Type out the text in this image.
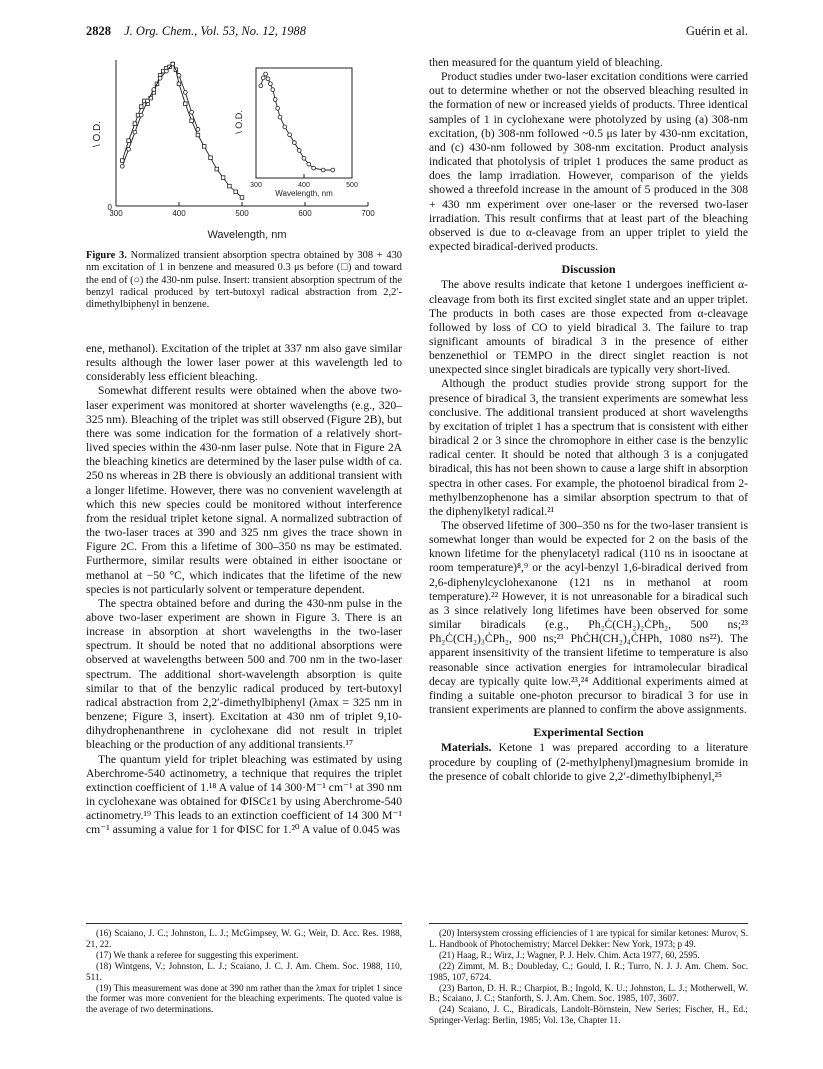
2828 J. Org. Chem., Vol. 53, No. 12, 1988	Guérin et al.
300	400	500	600	700
0
Wavelength, nm
\ O.D.
300	400	500
Wavelength, nm
\ O.D.
Figure 3. Normalized transient absorption spectra obtained by 308 + 430 nm excitation of 1 in benzene and measured 0.3 μs before (□) and toward the end of (○) the 430-nm pulse. Insert: transient absorption spectrum of the benzyl radical produced by tert-butoxyl radical abstraction from 2,2′-dimethylbiphenyl in benzene.

ene, methanol). Excitation of the triplet at 337 nm also gave similar results although the lower laser power at this wavelength led to considerably less efficient bleaching.

Somewhat different results were obtained when the above two-laser experiment was monitored at shorter wavelengths (e.g., 320–325 nm). Bleaching of the triplet was still observed (Figure 2B), but there was some indication for the formation of a relatively short-lived species within the 430-nm laser pulse. Note that in Figure 2A the bleaching kinetics are determined by the laser pulse width of ca. 250 ns whereas in 2B there is obviously an additional transient with a longer lifetime. However, there was no convenient wavelength at which this new species could be monitored without interference from the residual triplet ketone signal. A normalized subtraction of the two-laser traces at 390 and 325 nm gives the trace shown in Figure 2C. From this a lifetime of 300–350 ns may be estimated. Furthermore, similar results were obtained in either isooctane or methanol at −50 °C, which indicates that the lifetime of the new species is not particularly solvent or temperature dependent.

The spectra obtained before and during the 430-nm pulse in the above two-laser experiment are shown in Figure 3. There is an increase in absorption at short wavelengths in the two-laser spectrum. It should be noted that no additional absorptions were observed at wavelengths between 500 and 700 nm in the two-laser spectrum. The additional short-wavelength absorption is quite similar to that of the benzylic radical produced by tert-butoxyl radical abstraction from 2,2′-dimethylbiphenyl (λmax = 325 nm in benzene; Figure 3, insert). Excitation at 430 nm of triplet 9,10-dihydrophenanthrene in cyclohexane did not result in triplet bleaching or the production of any additional transients.¹⁷

The quantum yield for triplet bleaching was estimated by using Aberchrome-540 actinometry, a technique that requires the triplet extinction coefficient of 1.¹⁸ A value of 14 300·M⁻¹ cm⁻¹ at 390 nm in cyclohexane was obtained for ΦISCε1 by using Aberchrome-540 actinometry.¹⁹ This leads to an extinction coefficient of 14 300 M⁻¹ cm⁻¹ assuming a value for 1 for ΦISC for 1.²⁰ A value of 0.045 was

then measured for the quantum yield of bleaching.

Product studies under two-laser excitation conditions were carried out to determine whether or not the observed bleaching resulted in the formation of new or increased yields of products. Three identical samples of 1 in cyclohexane were photolyzed by using (a) 308-nm excitation, (b) 308-nm followed ~0.5 μs later by 430-nm excitation, and (c) 430-nm followed by 308-nm excitation. Product analysis indicated that photolysis of triplet 1 produces the same product as does the lamp irradiation. However, comparison of the yields showed a threefold increase in the amount of 5 produced in the 308 + 430 nm experiment over one-laser or the reversed two-laser irradiation. This result confirms that at least part of the bleaching observed is due to α-cleavage from an upper triplet to yield the expected biradical-derived products.

Discussion

The above results indicate that ketone 1 undergoes inefficient α-cleavage from both its first excited singlet state and an upper triplet. The products in both cases are those expected from α-cleavage followed by loss of CO to yield biradical 3. The failure to trap significant amounts of biradical 3 in the presence of either benzenethiol or TEMPO in the direct singlet reaction is not unexpected since singlet biradicals are typically very short-lived.

Although the product studies provide strong support for the presence of biradical 3, the transient experiments are somewhat less conclusive. The additional transient produced at short wavelengths by excitation of triplet 1 has a spectrum that is consistent with either biradical 2 or 3 since the chromophore in either case is the benzylic radical center. It should be noted that although 3 is a conjugated biradical, this has not been shown to cause a large shift in absorption spectra in other cases. For example, the photoenol biradical from 2-methylbenzophenone has a similar absorption spectrum to that of the diphenylketyl radical.²¹

The observed lifetime of 300–350 ns for the two-laser transient is somewhat longer than would be expected for 2 on the basis of the known lifetime for the phenylacetyl radical (110 ns in isooctane at room temperature)⁸,⁹ or the acyl-benzyl 1,6-biradical derived from 2,6-diphenylcyclohexanone (121 ns in methanol at room temperature).²² However, it is not unreasonable for a biradical such as 3 since relatively long lifetimes have been observed for some similar biradicals (e.g., Ph₂Ċ(CH₂)₂ĊPh₂, 500 ns;²³ Ph₂Ċ(CH₂)₃ĊPh₂, 900 ns;²³ PhĊH(CH₂)₄ĊHPh, 1080 ns²²). The apparent insensitivity of the transient lifetime to temperature is also reasonable since activation energies for intramolecular biradical decay are typically quite low.²³,²⁴ Additional experiments aimed at finding a suitable one-photon precursor to biradical 3 for use in transient experiments are planned to confirm the above assignments.

Experimental Section

Materials. Ketone 1 was prepared according to a literature procedure by coupling of (2-methylphenyl)magnesium bromide in the presence of cobalt chloride to give 2,2′-dimethylbiphenyl,²⁵

(16) Scaiano, J. C.; Johnston, L. J.; McGimpsey, W. G.; Weir, D. Acc. Res. 1988, 21, 22.

(17) We thank a referee for suggesting this experiment.

(18) Wintgens, V.; Johnston, L. J.; Scaiano, J. C. J. Am. Chem. Soc. 1988, 110, 511.

(19) This measurement was done at 390 nm rather than the λmax for triplet 1 since the former was more convenient for the bleaching experiments. The quoted value is the average of two determinations.

(20) Intersystem crossing efficiencies of 1 are typical for similar ketones: Murov, S. L. Handbook of Photochemistry; Marcel Dekker: New York, 1973; p 49.

(21) Haag, R.; Wirz, J.; Wagner, P. J. Helv. Chim. Acta 1977, 60, 2595.

(22) Zimmt, M. B.; Doubleday, C.; Gould, I. R.; Turro, N. J. J. Am. Chem. Soc. 1985, 107, 6724.

(23) Barton, D. H. R.; Charpiot, B.; Ingold, K. U.; Johnston, L. J.; Motherwell, W. B.; Scaiano, J. C.; Stanforth, S. J. Am. Chem. Soc. 1985, 107, 3607.

(24) Scaiano, J. C., Biradicals, Landolt-Börnstein, New Series; Fischer, H., Ed.; Springer-Verlag: Berlin, 1985; Vol. 13e, Chapter 11.
